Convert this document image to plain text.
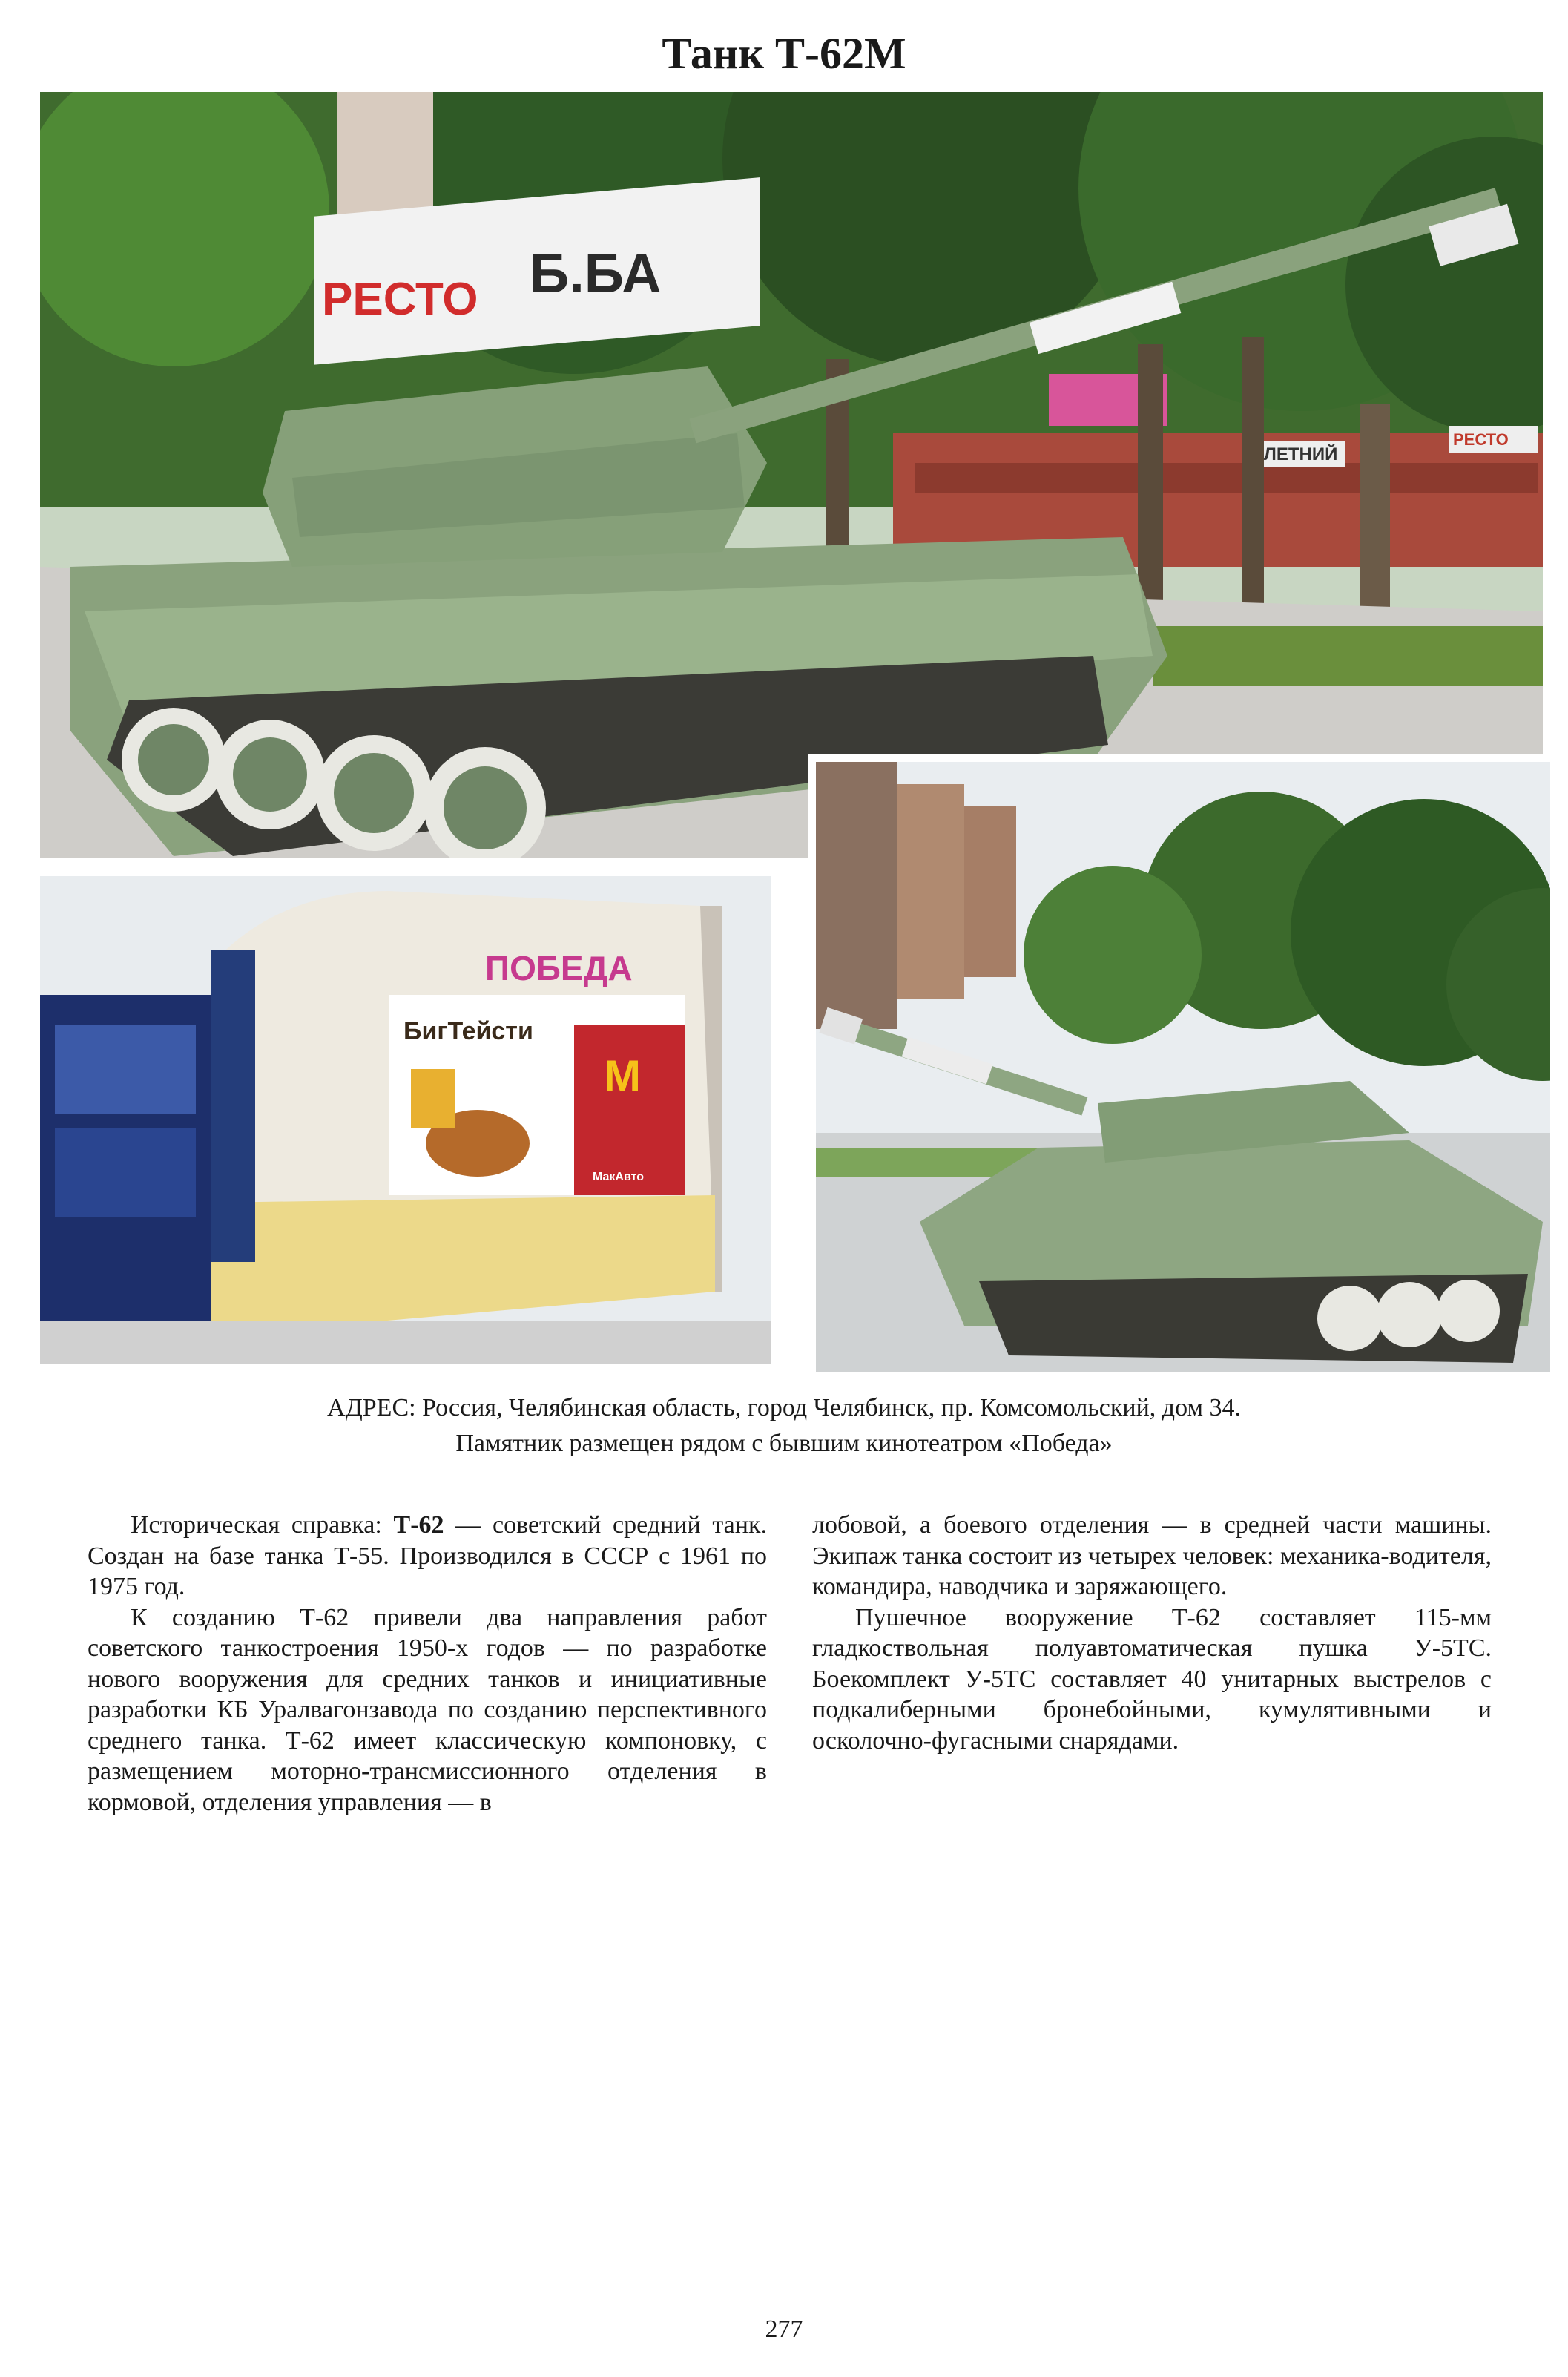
Танк Т-62М
ЛЕТНИЙ
РЕСТО
РЕСТО Б.БА
ПОБЕДА
БигТейсти
M
МакАвто
АДРЕС: Россия, Челябинская область, город Челябинск, пр. Комсомольский, дом 34.
Памятник размещен рядом с бывшим кинотеатром «Победа»

Историческая справка: Т-62 — советский средний танк. Создан на базе танка Т-55. Производился в СССР с 1961 по 1975 год.

К созданию Т-62 привели два направления работ советского танкостроения 1950-х годов — по разработке нового вооружения для средних танков и инициативные разработки КБ Уралвагонзавода по созданию перспективного среднего танка. Т-62 имеет классическую компоновку, с размещением моторно-трансмиссионного отделения в кормовой, отделения управления — в

лобовой, а боевого отделения — в средней части машины. Экипаж танка состоит из четырех человек: механика-водителя, командира, наводчика и заряжающего.

Пушечное вооружение Т-62 составляет 115-мм гладкоствольная полуавтоматическая пушка У-5ТС. Боекомплект У-5ТС составляет 40 унитарных выстрелов с подкалиберными бронебойными, кумулятивными и осколочно-фугасными снарядами.

277
